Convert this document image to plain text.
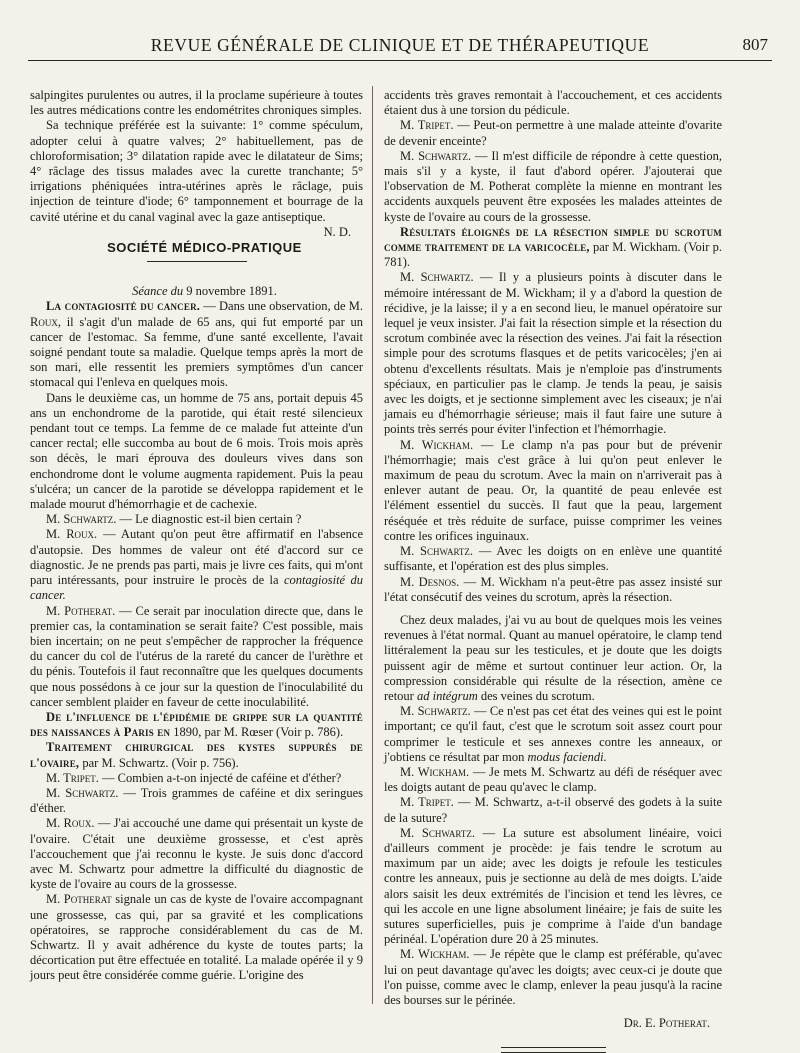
REVUE GÉNÉRALE DE CLINIQUE ET DE THÉRAPEUTIQUE	807

salpingites purulentes ou autres, il la proclame supérieure à toutes les autres médications contre les endométrites chroniques simples.

Sa technique préférée est la suivante: 1° comme spéculum, adopter celui à quatre valves; 2° habituellement, pas de chloroformisation; 3° dilatation rapide avec le dilatateur de Sims; 4° râclage des tissus malades avec la curette tranchante; 5° irrigations phéniquées intra-utérines après le râclage, puis injection de teinture d'iode; 6° tamponnement et bourrage de la cavité utérine et du canal vaginal avec la gaze antiseptique.

N. D.

SOCIÉTÉ MÉDICO-PRATIQUE

Séance du 9 novembre 1891.

La contagiosité du cancer. — Dans une observation, de M. Roux, il s'agit d'un malade de 65 ans, qui fut emporté par un cancer de l'estomac. Sa femme, d'une santé excellente, l'avait soigné pendant toute sa maladie. Quelque temps après la mort de son mari, elle ressentit les premiers symptômes d'un cancer stomacal qui l'enleva en quelques mois.

Dans le deuxième cas, un homme de 75 ans, portait depuis 45 ans un enchondrome de la parotide, qui était resté silencieux pendant tout ce temps. La femme de ce malade fut atteinte d'un cancer rectal; elle succomba au bout de 6 mois. Trois mois après son décès, le mari éprouva des douleurs vives dans son enchondrome dont le volume augmenta rapidement. Puis la peau s'ulcéra; un cancer de la parotide se développa rapidement et le malade mourut d'hémorrhagie et de cachexie.

M. Schwartz. — Le diagnostic est-il bien certain ?

M. Roux. — Autant qu'on peut être affirmatif en l'absence d'autopsie. Des hommes de valeur ont été d'accord sur ce diagnostic. Je ne prends pas parti, mais je livre ces faits, qui m'ont paru intéressants, pour instruire le procès de la contagiosité du cancer.

M. Potherat. — Ce serait par inoculation directe que, dans le premier cas, la contamination se serait faite? C'est possible, mais bien incertain; on ne peut s'empêcher de rapprocher la fréquence du cancer du col de l'utérus de la rareté du cancer de l'urèthre et du pénis. Toutefois il faut reconnaître que les quelques documents que nous possédons à ce jour sur la question de l'inoculabilité du cancer semblent plaider en faveur de cette inoculabilité.

De l'influence de l'épidémie de grippe sur la quantité des naissances à Paris en 1890, par M. Rœser (Voir p. 786).

Traitement chirurgical des kystes suppurés de l'ovaire, par M. Schwartz. (Voir p. 756).

M. Tripet. — Combien a-t-on injecté de caféine et d'éther?

M. Schwartz. — Trois grammes de caféine et dix seringues d'éther.

M. Roux. — J'ai accouché une dame qui présentait un kyste de l'ovaire. C'était une deuxième grossesse, et c'est après l'accouchement que j'ai reconnu le kyste. Je suis donc d'accord avec M. Schwartz pour admettre la difficulté du diagnostic de kyste de l'ovaire au cours de la grossesse.

M. Potherat signale un cas de kyste de l'ovaire accompagnant une grossesse, cas qui, par sa gravité et les complications opératoires, se rapproche considérablement du cas de M. Schwartz. Il y avait adhérence du kyste de toutes parts; la décortication put être effectuée en totalité. La malade opérée il y 9 jours peut être considérée comme guérie. L'origine des

accidents très graves remontait à l'accouchement, et ces accidents étaient dus à une torsion du pédicule.

M. Tripet. — Peut-on permettre à une malade atteinte d'ovarite de devenir enceinte?

M. Schwartz. — Il m'est difficile de répondre à cette question, mais s'il y a kyste, il faut d'abord opérer. J'ajouterai que l'observation de M. Potherat complète la mienne en montrant les accidents auxquels peuvent être exposées les malades atteintes de kyste de l'ovaire au cours de la grossesse.

Résultats éloignés de la résection simple du scrotum comme traitement de la varicocèle, par M. Wickham. (Voir p. 781).

M. Schwartz. — Il y a plusieurs points à discuter dans le mémoire intéressant de M. Wickham; il y a d'abord la question de récidive, je la laisse; il y a en second lieu, le manuel opératoire sur lequel je veux insister. J'ai fait la résection simple et la résection du scrotum combinée avec la résection des veines. J'ai fait la résection simple pour des scrotums flasques et de petits varicocèles; j'en ai obtenu d'excellents résultats. Mais je n'emploie pas d'instruments spéciaux, en particulier pas le clamp. Je tends la peau, je saisis avec les doigts, et je sectionne simplement avec les ciseaux; je n'ai jamais eu d'hémorrhagie sérieuse; mais il faut faire une suture à points très serrés pour éviter l'infection et l'hémorrhagie.

M. Wickham. — Le clamp n'a pas pour but de prévenir l'hémorrhagie; mais c'est grâce à lui qu'on peut enlever le maximum de peau du scrotum. Avec la main on n'arriverait pas à enlever autant de peau. Or, la quantité de peau enlevée est l'élément essentiel du succès. Il faut que la peau, largement réséquée et très réduite de surface, puisse comprimer les veines contre les orifices inguinaux.

M. Schwartz. — Avec les doigts on en enlève une quantité suffisante, et l'opération est des plus simples.

M. Desnos. — M. Wickham n'a peut-être pas assez insisté sur l'état consécutif des veines du scrotum, après la résection.

Chez deux malades, j'ai vu au bout de quelques mois les veines revenues à l'état normal. Quant au manuel opératoire, le clamp tend littéralement la peau sur les testicules, et je doute que les doigts puissent agir de même et surtout continuer leur action. Or, la compression considérable qui résulte de la résection, amène ce retour ad intégrum des veines du scrotum.

M. Schwartz. — Ce n'est pas cet état des veines qui est le point important; ce qu'il faut, c'est que le scrotum soit assez court pour comprimer le testicule et ses annexes contre les anneaux, or j'obtiens ce résultat par mon modus faciendi.

M. Wickham. — Je mets M. Schwartz au défi de réséquer avec les doigts autant de peau qu'avec le clamp.

M. Tripet. — M. Schwartz, a-t-il observé des godets à la suite de la suture?

M. Schwartz. — La suture est absolument linéaire, voici d'ailleurs comment je procède: je fais tendre le scrotum au maximum par un aide; avec les doigts je refoule les testicules contre les anneaux, puis je sectionne au delà de mes doigts. L'aide alors saisit les deux extrémités de l'incision et tend les lèvres, ce qui les accole en une ligne absolument linéaire; je fais de suite les sutures superficielles, puis je comprime à l'aide d'un bandage périnéal. L'opération dure 20 à 25 minutes.

M. Wickham. — Je répète que le clamp est préférable, qu'avec lui on peut davantage qu'avec les doigts; avec ceux-ci je doute que l'on puisse, comme avec le clamp, enlever la peau jusqu'à la racine des bourses sur le périnée.

Dr. E. Potherat.
